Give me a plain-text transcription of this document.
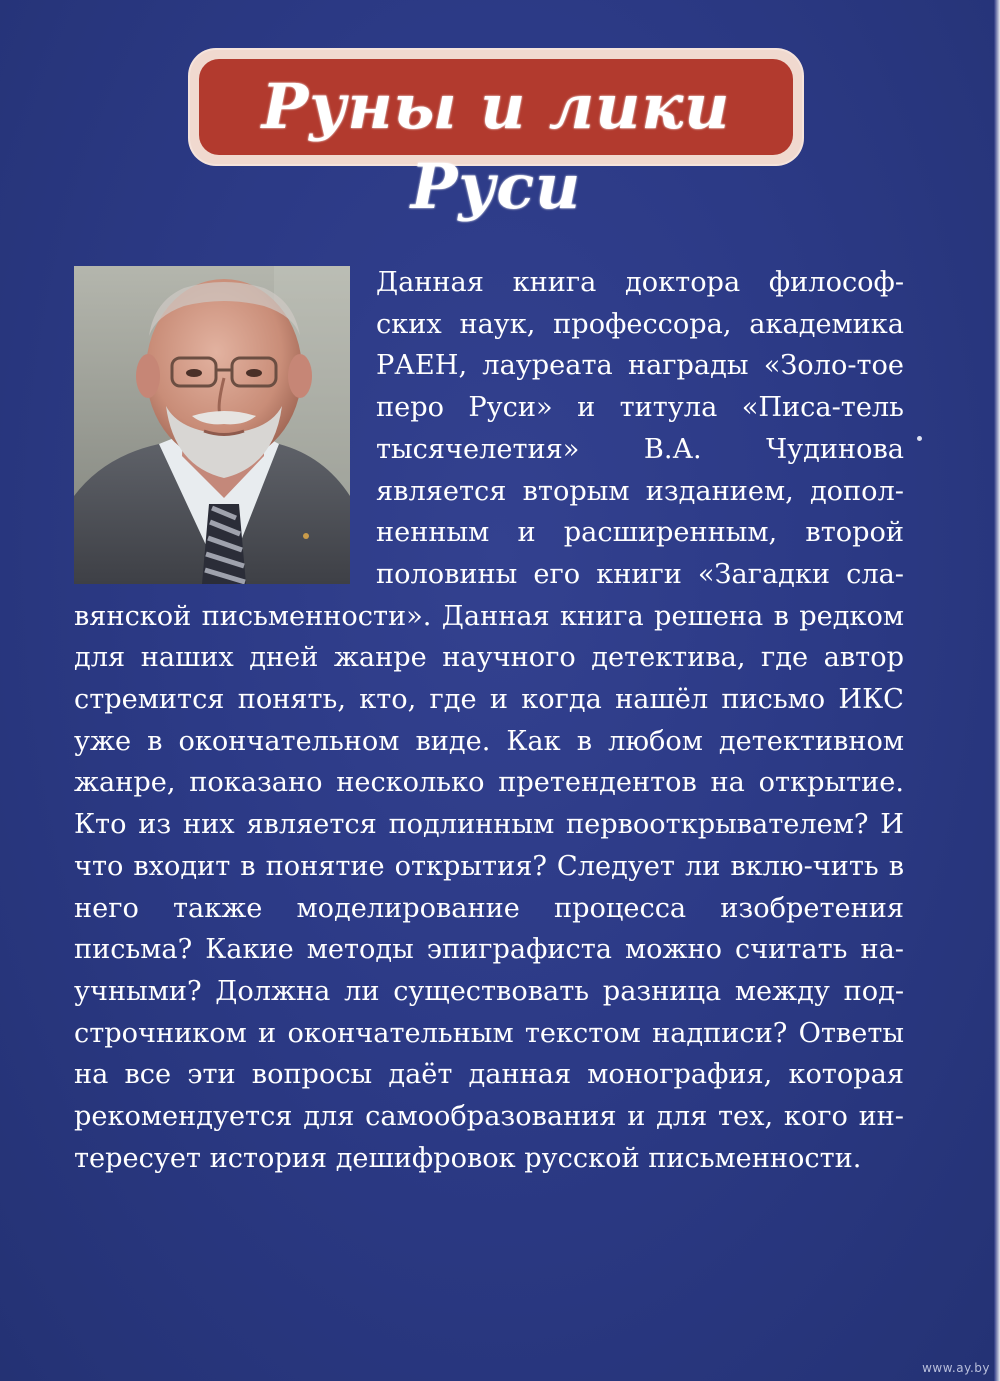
Руны и лики Руси
Данная книга доктора философ-ских наук, профессора, академика РАЕН, лауреата награды «Золо-тое перо Руси» и титула «Писа-тель тысячелетия» В.А. Чудинова является вторым изданием, допол-ненным и расширенным, второй половины его книги «Загадки сла-вянской письменности». Данная книга решена в редком для наших дней жанре научного детектива, где автор стремится понять, кто, где и когда нашёл письмо ИКС уже в окончательном виде. Как в любом детективном жанре, показано несколько претендентов на открытие. Кто из них является подлинным первооткрывателем? И что входит в понятие открытия? Следует ли вклю-чить в него также моделирование процесса изобретения письма? Какие методы эпиграфиста можно считать на-учными? Должна ли существовать разница между под-строчником и окончательным текстом надписи? Ответы на все эти вопросы даёт данная монография, которая рекомендуется для самообразования и для тех, кого ин-тересует история дешифровок русской письменности.
www.ay.by
